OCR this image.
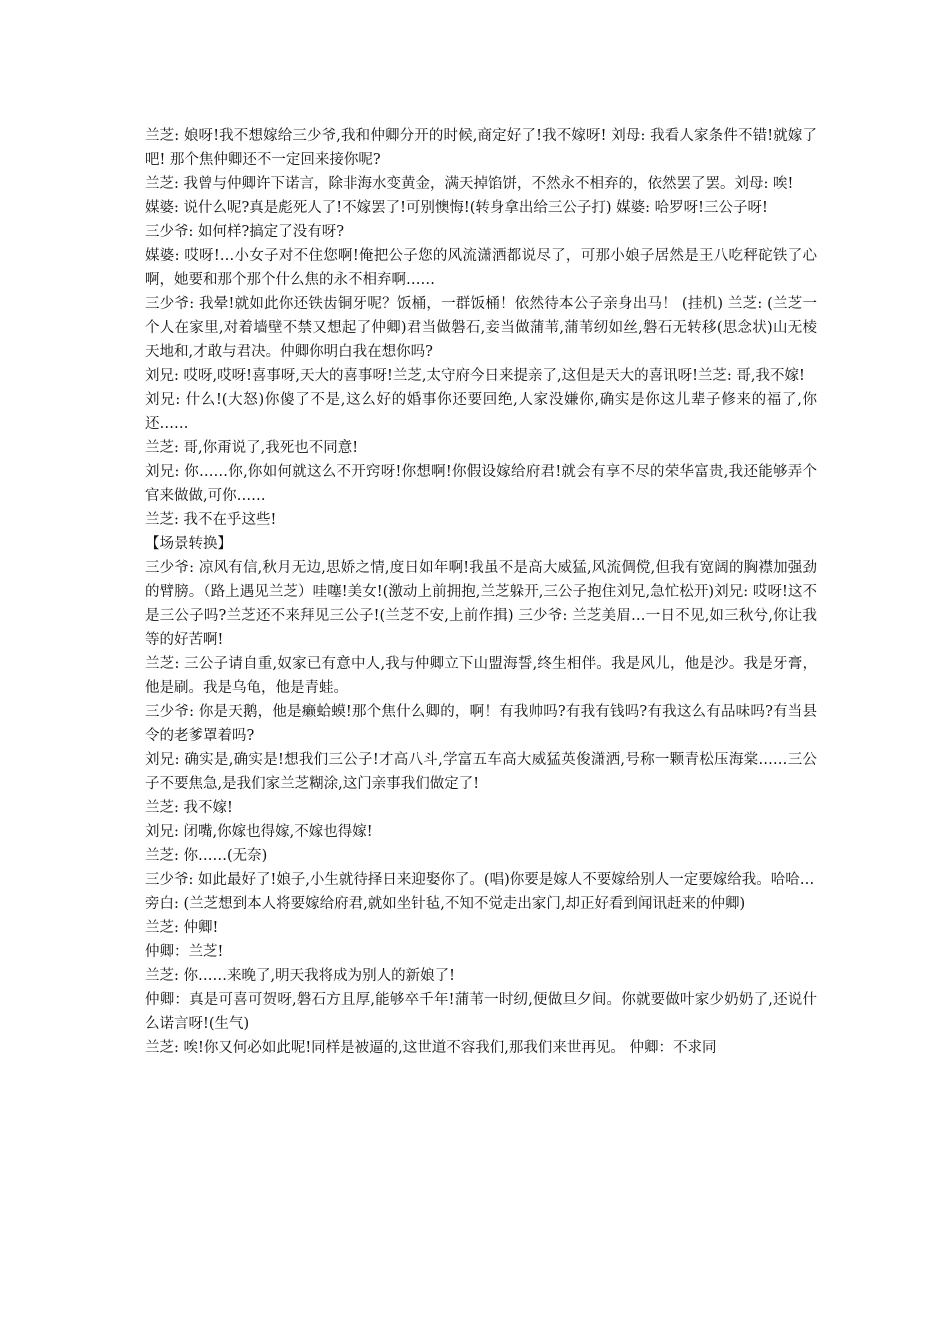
兰芝: 娘呀!我不想嫁给三少爷,我和仲卿分开的时候,商定好了!我不嫁呀! 刘母: 我看人家条件不错!就嫁了吧! 那个焦仲卿还不一定回来接你呢?

兰芝: 我曾与仲卿许下诺言，除非海水变黄金，满天掉馅饼，不然永不相弃的，依然罢了罢。刘母: 唉!

媒婆: 说什么呢?真是彪死人了!不嫁罢了!可别懊悔!(转身拿出给三公子打) 媒婆: 哈罗呀!三公子呀!

三少爷: 如何样?搞定了没有呀?

媒婆: 哎呀!…小女子对不住您啊!俺把公子您的风流潇洒都说尽了，可那小娘子居然是王八吃秤砣铁了心啊，她要和那个那个什么焦的永不相弃啊……

三少爷: 我晕!就如此你还铁齿铜牙呢？饭桶，一群饭桶！依然待本公子亲身出马！ (挂机) 兰芝: (兰芝一个人在家里,对着墙壁不禁又想起了仲卿)君当做磐石,妾当做蒲苇,蒲苇纫如丝,磐石无转移(思念状)山无棱天地和,才敢与君决。仲卿你明白我在想你吗?

刘兄: 哎呀,哎呀!喜事呀,天大的喜事呀!兰芝,太守府今日来提亲了,这但是天大的喜讯呀!兰芝: 哥,我不嫁!

刘兄: 什么!(大怒)你傻了不是,这么好的婚事你还要回绝,人家没嫌你,确实是你这儿辈子修来的福了,你还……

兰芝: 哥,你甭说了,我死也不同意!

刘兄: 你……你,你如何就这么不开窍呀!你想啊!你假设嫁给府君!就会有享不尽的荣华富贵,我还能够弄个官来做做,可你……

兰芝: 我不在乎这些!

【场景转换】

三少爷: 凉风有信,秋月无边,思娇之情,度日如年啊!我虽不是高大威猛,风流倜傥,但我有宽阔的胸襟加强劲的臂膀。（路上遇见兰芝）哇噻!美女!(激动上前拥抱,兰芝躲开,三公子抱住刘兄,急忙松开)刘兄: 哎呀!这不是三公子吗?兰芝还不来拜见三公子!(兰芝不安,上前作揖) 三少爷: 兰芝美眉…一日不见,如三秋兮,你让我等的好苦啊!

兰芝: 三公子请自重,奴家已有意中人,我与仲卿立下山盟海誓,终生相伴。我是风儿，他是沙。我是牙膏，他是刷。我是乌龟，他是青蛙。

三少爷: 你是天鹅，他是癞蛤蟆!那个焦什么卿的，啊！有我帅吗?有我有钱吗?有我这么有品味吗?有当县令的老爹罩着吗?

刘兄: 确实是,确实是!想我们三公子!才高八斗,学富五车高大威猛英俊潇洒,号称一颗青松压海棠……三公子不要焦急,是我们家兰芝糊涂,这门亲事我们做定了!

兰芝: 我不嫁!

刘兄: 闭嘴,你嫁也得嫁,不嫁也得嫁!

兰芝: 你……(无奈)

三少爷: 如此最好了!娘子,小生就待择日来迎娶你了。(唱)你要是嫁人不要嫁给别人一定要嫁给我。哈哈…

旁白: (兰芝想到本人将要嫁给府君,就如坐针毡,不知不觉走出家门,却正好看到闻讯赶来的仲卿)

兰芝: 仲卿!

仲卿：兰芝!

兰芝: 你……来晚了,明天我将成为别人的新娘了!

仲卿：真是可喜可贺呀,磐石方且厚,能够卒千年!蒲苇一时纫,便做旦夕间。你就要做叶家少奶奶了,还说什么诺言呀!(生气)

兰芝: 唉!你又何必如此呢!同样是被逼的,这世道不容我们,那我们来世再见。 仲卿：不求同
